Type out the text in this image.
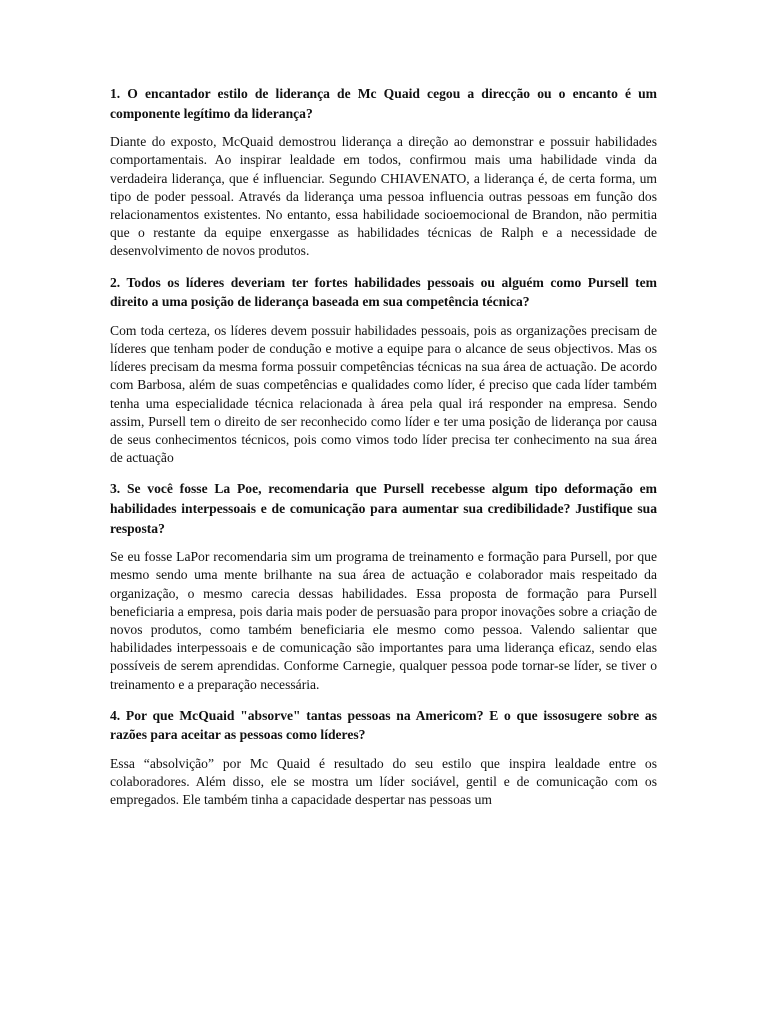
1. O encantador estilo de liderança de Mc Quaid cegou a direcção ou o encanto é um componente legítimo da liderança?

Diante do exposto, McQuaid demostrou liderança a direção ao demonstrar e possuir habilidades comportamentais. Ao inspirar lealdade em todos, confirmou mais uma habilidade vinda da verdadeira liderança, que é influenciar. Segundo CHIAVENATO, a liderança é, de certa forma, um tipo de poder pessoal. Através da liderança uma pessoa influencia outras pessoas em função dos relacionamentos existentes. No entanto, essa habilidade socioemocional de Brandon, não permitia que o restante da equipe enxergasse as habilidades técnicas de Ralph e a necessidade de desenvolvimento de novos produtos.

2. Todos os líderes deveriam ter fortes habilidades pessoais ou alguém como Pursell tem direito a uma posição de liderança baseada em sua competência técnica?

Com toda certeza, os líderes devem possuir habilidades pessoais, pois as organizações precisam de líderes que tenham poder de condução e motive a equipe para o alcance de seus objectivos. Mas os líderes precisam da mesma forma possuir competências técnicas na sua área de actuação. De acordo com Barbosa, além de suas competências e qualidades como líder, é preciso que cada líder também tenha uma especialidade técnica relacionada à área pela qual irá responder na empresa. Sendo assim, Pursell tem o direito de ser reconhecido como líder e ter uma posição de liderança por causa de seus conhecimentos técnicos, pois como vimos todo líder precisa ter conhecimento na sua área de actuação

3. Se você fosse La Poe, recomendaria que Pursell recebesse algum tipo deformação em habilidades interpessoais e de comunicação para aumentar sua credibilidade? Justifique sua resposta?

Se eu fosse LaPor recomendaria sim um programa de treinamento e formação para Pursell, por que mesmo sendo uma mente brilhante na sua área de actuação e colaborador mais respeitado da organização, o mesmo carecia dessas habilidades. Essa proposta de formação para Pursell beneficiaria a empresa, pois daria mais poder de persuasão para propor inovações sobre a criação de novos produtos, como também beneficiaria ele mesmo como pessoa. Valendo salientar que habilidades interpessoais e de comunicação são importantes para uma liderança eficaz, sendo elas possíveis de serem aprendidas. Conforme Carnegie, qualquer pessoa pode tornar-se líder, se tiver o treinamento e a preparação necessária.

4. Por que McQuaid "absorve" tantas pessoas na Americom? E o que issosugere sobre as razões para aceitar as pessoas como líderes?

Essa “absolvição” por Mc Quaid é resultado do seu estilo que inspira lealdade entre os colaboradores. Além disso, ele se mostra um líder sociável, gentil e de comunicação com os empregados. Ele também tinha a capacidade despertar nas pessoas um
